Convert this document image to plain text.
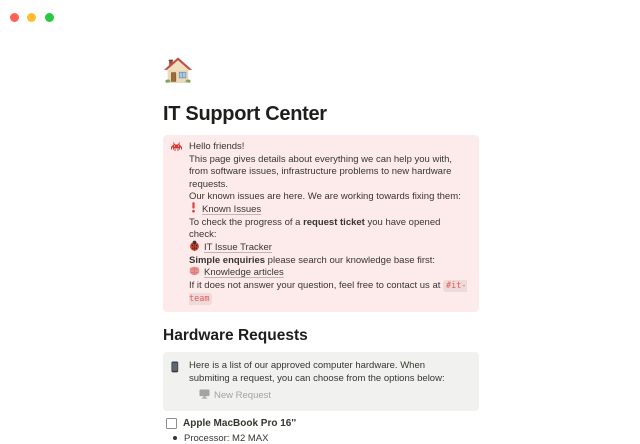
IT Support Center

Hello friends!

This page gives details about everything we can help you with, from software issues, infrastructure problems to new hardware requests.

Our known issues are here. We are working towards fixing them:

Known Issues

To check the progress of a request ticket you have opened check:

IT Issue Tracker

Simple enquiries please search our knowledge base first:

Knowledge articles

If it does not answer your question, feel free to contact us at #it-team

Hardware Requests

Here is a list of our approved computer hardware. When submiting a request, you can choose from the options below:

New Request
Apple MacBook Pro 16''
Processor: M2 MAX
